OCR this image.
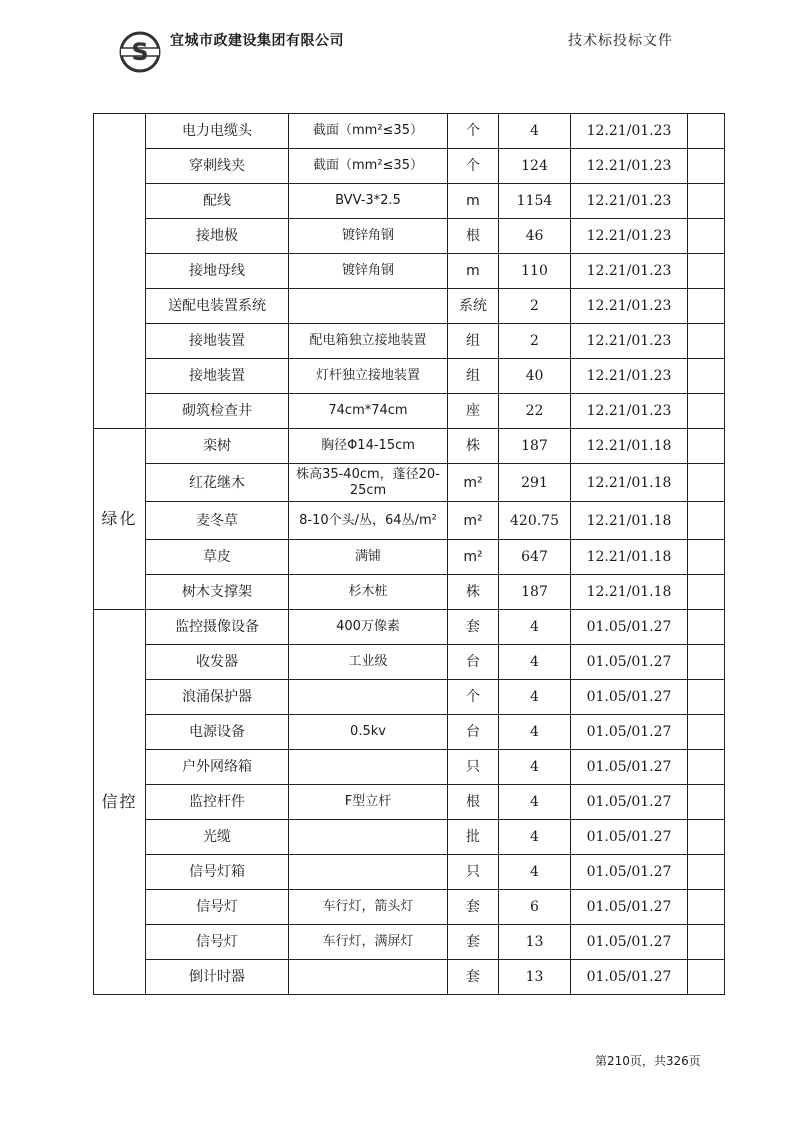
S 宜城市政建设集团有限公司	技术标投标文件
	电力电缆头	截面（mm²≤35）	个	4	12.21/01.23	
	穿刺线夹	截面（mm²≤35）	个	124	12.21/01.23	
	配线	BVV-3*2.5	m	1154	12.21/01.23	
	接地极	镀锌角钢	根	46	12.21/01.23	
	接地母线	镀锌角钢	m	110	12.21/01.23	
	送配电装置系统		系统	2	12.21/01.23	
	接地装置	配电箱独立接地装置	组	2	12.21/01.23	
	接地装置	灯杆独立接地装置	组	40	12.21/01.23	
	砌筑检查井	74cm*74cm	座	22	12.21/01.23	
绿化	栾树	胸径Φ14-15cm	株	187	12.21/01.18	
	红花继木	株高35-40cm，蓬径20-25cm	m²	291	12.21/01.18	
	麦冬草	8-10个头/丛，64丛/m²	m²	420.75	12.21/01.18	
	草皮	满铺	m²	647	12.21/01.18	
	树木支撑架	杉木桩	株	187	12.21/01.18	
信控	监控摄像设备	400万像素	套	4	01.05/01.27	
	收发器	工业级	台	4	01.05/01.27	
	浪涌保护器		个	4	01.05/01.27	
	电源设备	0.5kv	台	4	01.05/01.27	
	户外网络箱		只	4	01.05/01.27	
	监控杆件	F型立杆	根	4	01.05/01.27	
	光缆		批	4	01.05/01.27	
	信号灯箱		只	4	01.05/01.27	
	信号灯	车行灯，箭头灯	套	6	01.05/01.27	
	信号灯	车行灯，满屏灯	套	13	01.05/01.27	
	倒计时器		套	13	01.05/01.27	
第210页，共326页
